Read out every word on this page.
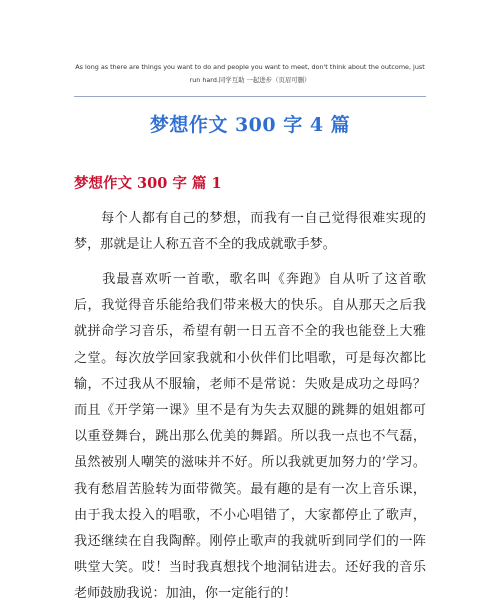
As long as there are things you want to do and people you want to meet, don't think about the outcome, just run hard.同学互助 一起进步（页眉可删）
梦想作文 300 字 4 篇
梦想作文 300 字 篇 1
　　每个人都有自己的梦想，而我有一自己觉得很难实现的梦，那就是让人称五音不全的我成就歌手梦。
　　我最喜欢听一首歌，歌名叫《奔跑》自从听了这首歌后，我觉得音乐能给我们带来极大的快乐。自从那天之后我就拼命学习音乐，希望有朝一日五音不全的我也能登上大雅之堂。每次放学回家我就和小伙伴们比唱歌，可是每次都比输，不过我从不服输，老师不是常说：失败是成功之母吗？而且《开学第一课》里不是有为失去双腿的跳舞的姐姐都可以重登舞台，跳出那么优美的舞蹈。所以我一点也不气磊，虽然被别人嘲笑的滋味并不好。所以我就更加努力的’学习。我有愁眉苦脸转为面带微笑。最有趣的是有一次上音乐课，由于我太投入的唱歌，不小心唱错了，大家都停止了歌声，我还继续在自我陶醉。刚停止歌声的我就听到同学们的一阵哄堂大笑。哎！当时我真想找个地洞钻进去。还好我的音乐老师鼓励我说：加油，你一定能行的！
